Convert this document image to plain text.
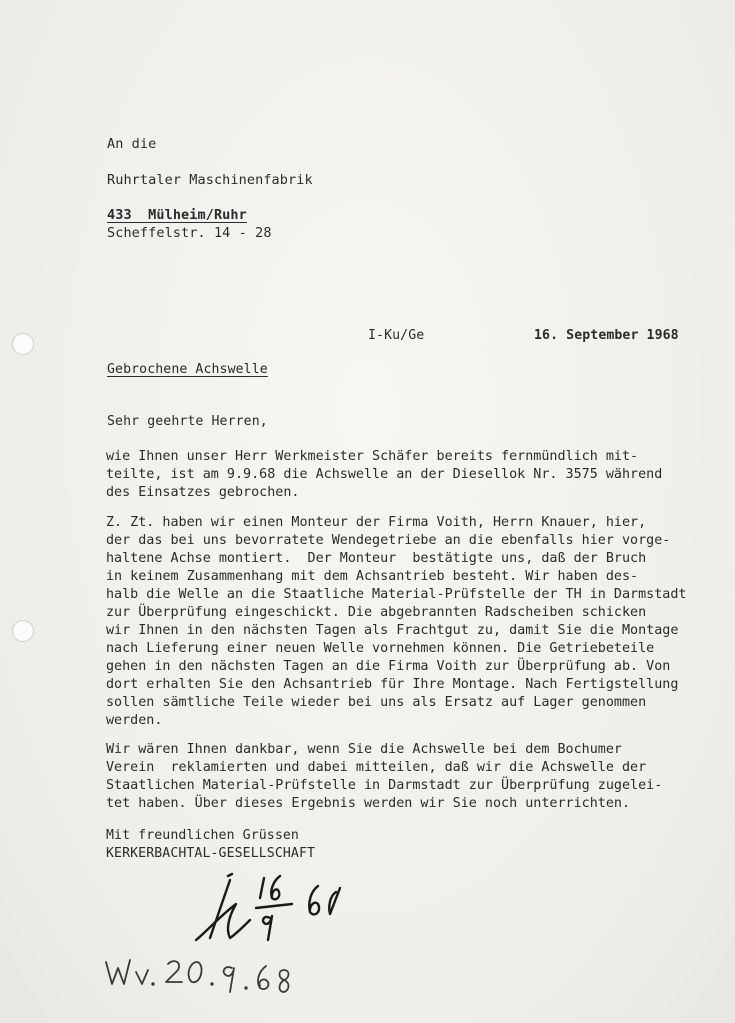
An die
Ruhrtaler Maschinenfabrik
433  Mülheim/Ruhr
Scheffelstr. 14 - 28
I-Ku/Ge	16. September 1968
Gebrochene Achswelle
Sehr geehrte Herren,
wie Ihnen unser Herr Werkmeister Schäfer bereits fernmündlich mit-
teilte, ist am 9.9.68 die Achswelle an der Diesellok Nr. 3575 während
des Einsatzes gebrochen.
Z. Zt. haben wir einen Monteur der Firma Voith, Herrn Knauer, hier,
der das bei uns bevorratete Wendegetriebe an die ebenfalls hier vorge-
haltene Achse montiert.  Der Monteur  bestätigte uns, daß der Bruch
in keinem Zusammenhang mit dem Achsantrieb besteht. Wir haben des-
halb die Welle an die Staatliche Material-Prüfstelle der TH in Darmstadt
zur Überprüfung eingeschickt. Die abgebrannten Radscheiben schicken
wir Ihnen in den nächsten Tagen als Frachtgut zu, damit Sie die Montage
nach Lieferung einer neuen Welle vornehmen können. Die Getriebeteile
gehen in den nächsten Tagen an die Firma Voith zur Überprüfung ab. Von
dort erhalten Sie den Achsantrieb für Ihre Montage. Nach Fertigstellung
sollen sämtliche Teile wieder bei uns als Ersatz auf Lager genommen
werden.
Wir wären Ihnen dankbar, wenn Sie die Achswelle bei dem Bochumer
Verein  reklamierten und dabei mitteilen, daß wir die Achswelle der
Staatlichen Material-Prüfstelle in Darmstadt zur Überprüfung zugelei-
tet haben. Über dieses Ergebnis werden wir Sie noch unterrichten.
Mit freundlichen Grüssen
KERKERBACHTAL-GESELLSCHAFT
